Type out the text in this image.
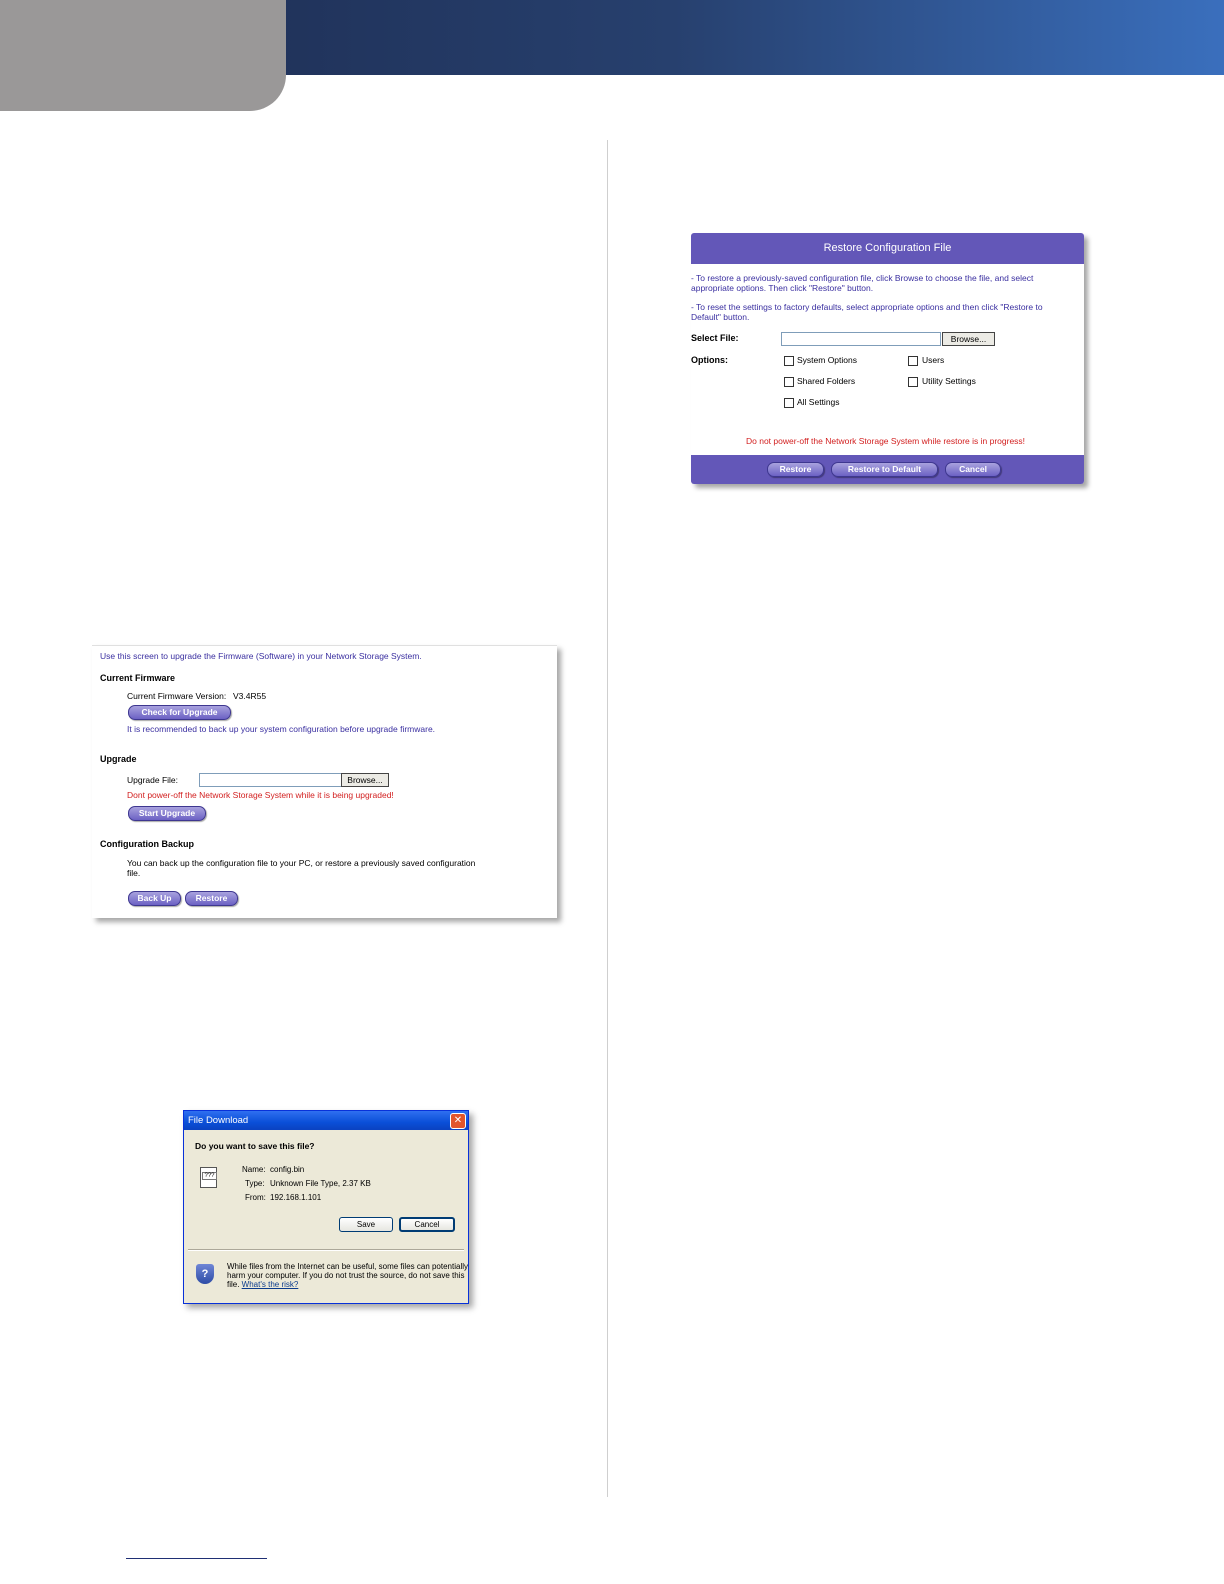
Use this screen to upgrade the Firmware (Software) in your Network Storage System.
Current Firmware
Current Firmware Version: V3.4R55
Check for Upgrade
It is recommended to back up your system configuration before upgrade firmware.
Upgrade
Upgrade File:	Browse...
Dont power-off the Network Storage System while it is being upgraded!
Start Upgrade
Configuration Backup
You can back up the configuration file to your PC, or restore a previously saved configuration
file.
Back Up	Restore
Restore Configuration File
- To restore a previously-saved configuration file, click Browse to choose the file, and select
appropriate options. Then click "Restore" button.
- To reset the settings to factory defaults, select appropriate options and then click "Restore to
Default" button.
Select File:	Browse...
Options:	System Options	Users
Shared Folders	Utility Settings
All Settings
Do not power-off the Network Storage System while restore is in progress!
Restore	Restore to Default	Cancel
File Download	✕
Do you want to save this file?
???
Name: config.bin
Type: Unknown File Type, 2.37 KB
From: 192.168.1.101
Save	Cancel
?
While files from the Internet can be useful, some files can potentially
harm your computer. If you do not trust the source, do not save this
file. What's the risk?
